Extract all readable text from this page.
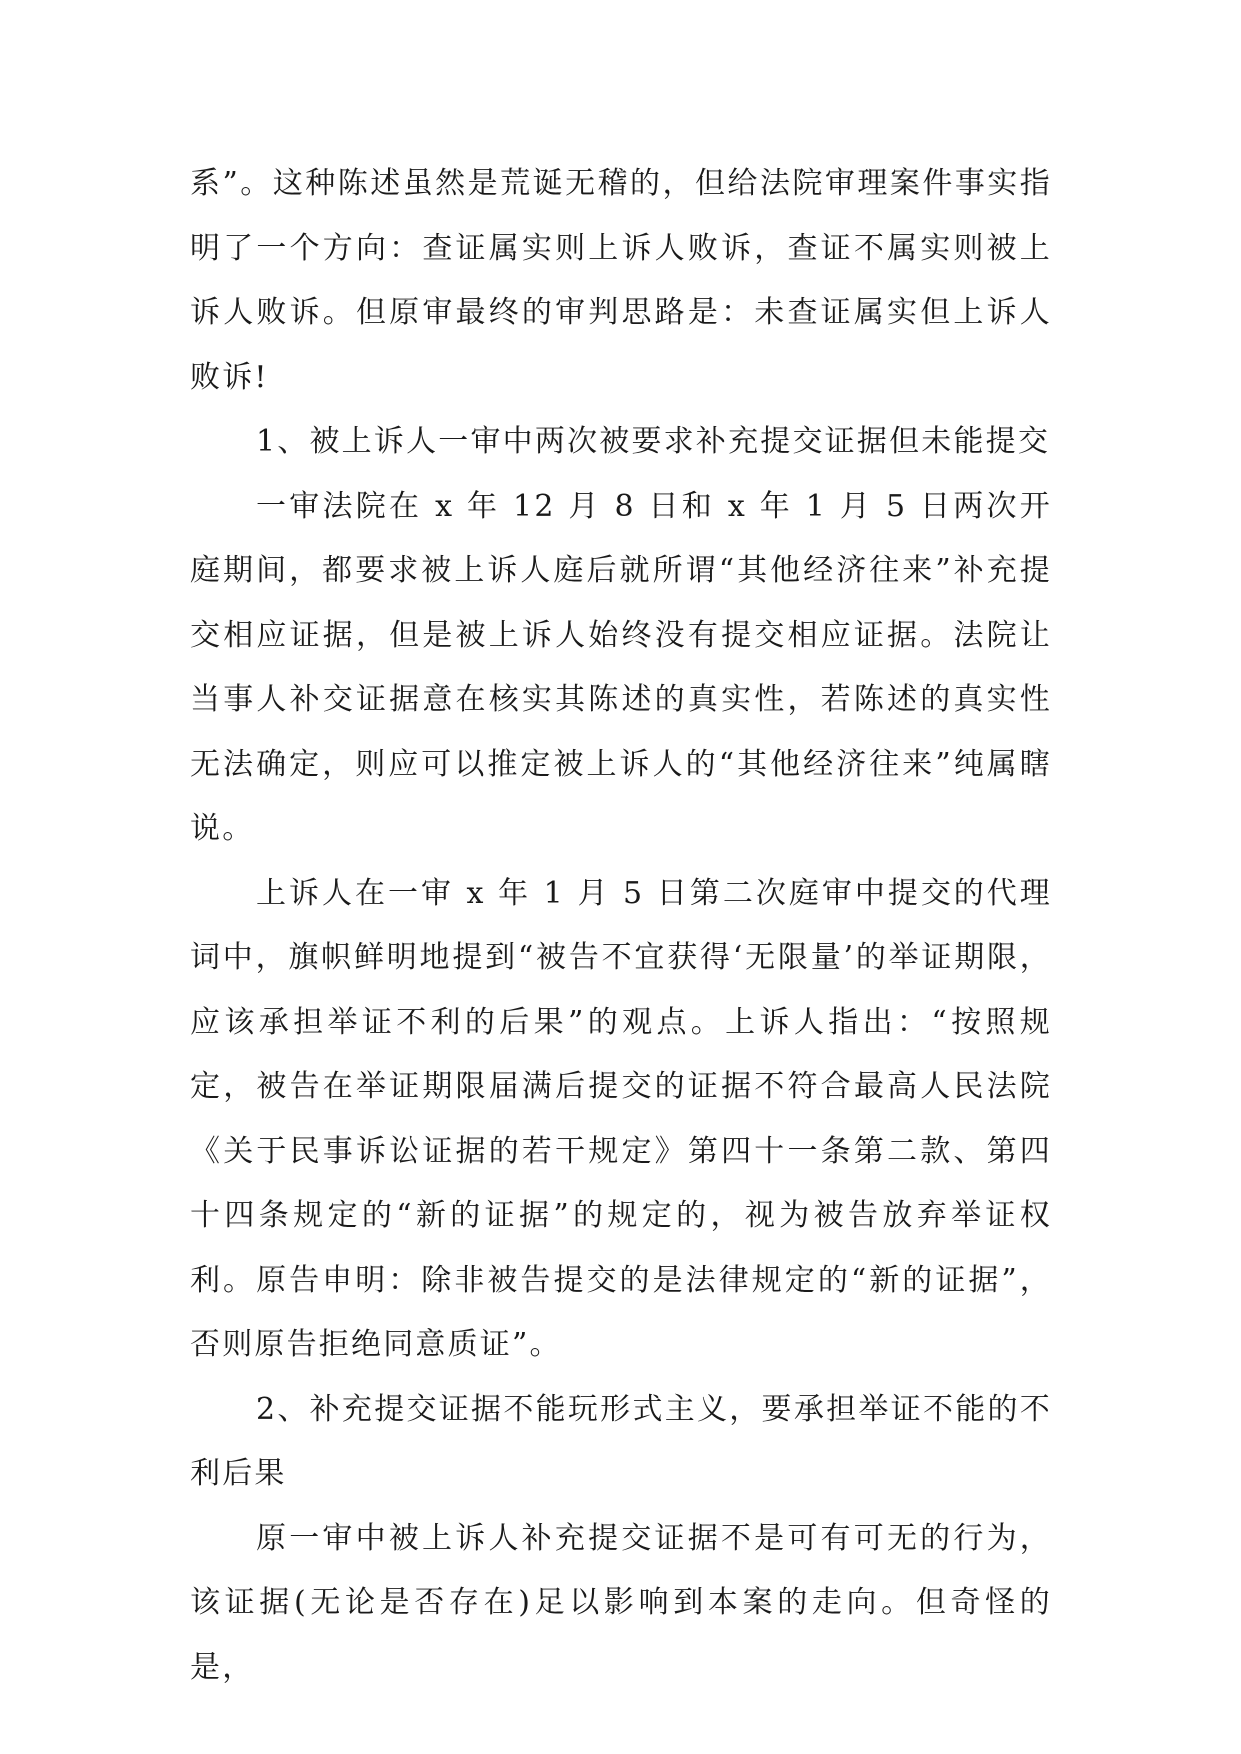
系”。这种陈述虽然是荒诞无稽的，但给法院审理案件事实指明了一个方向：查证属实则上诉人败诉，查证不属实则被上诉人败诉。但原审最终的审判思路是：未查证属实但上诉人败诉!

1、被上诉人一审中两次被要求补充提交证据但未能提交

一审法院在 x 年 12 月 8 日和 x 年 1 月 5 日两次开庭期间，都要求被上诉人庭后就所谓“其他经济往来”补充提交相应证据，但是被上诉人始终没有提交相应证据。法院让当事人补交证据意在核实其陈述的真实性，若陈述的真实性无法确定，则应可以推定被上诉人的“其他经济往来”纯属瞎说。

上诉人在一审 x 年 1 月 5 日第二次庭审中提交的代理词中，旗帜鲜明地提到“被告不宜获得‘无限量’的举证期限，应该承担举证不利的后果”的观点。上诉人指出：“按照规定，被告在举证期限届满后提交的证据不符合最高人民法院《关于民事诉讼证据的若干规定》第四十一条第二款、第四十四条规定的“新的证据”的规定的，视为被告放弃举证权利。原告申明：除非被告提交的是法律规定的“新的证据”，否则原告拒绝同意质证”。

2、补充提交证据不能玩形式主义，要承担举证不能的不利后果

原一审中被上诉人补充提交证据不是可有可无的行为，该证据(无论是否存在)足以影响到本案的走向。但奇怪的是，
